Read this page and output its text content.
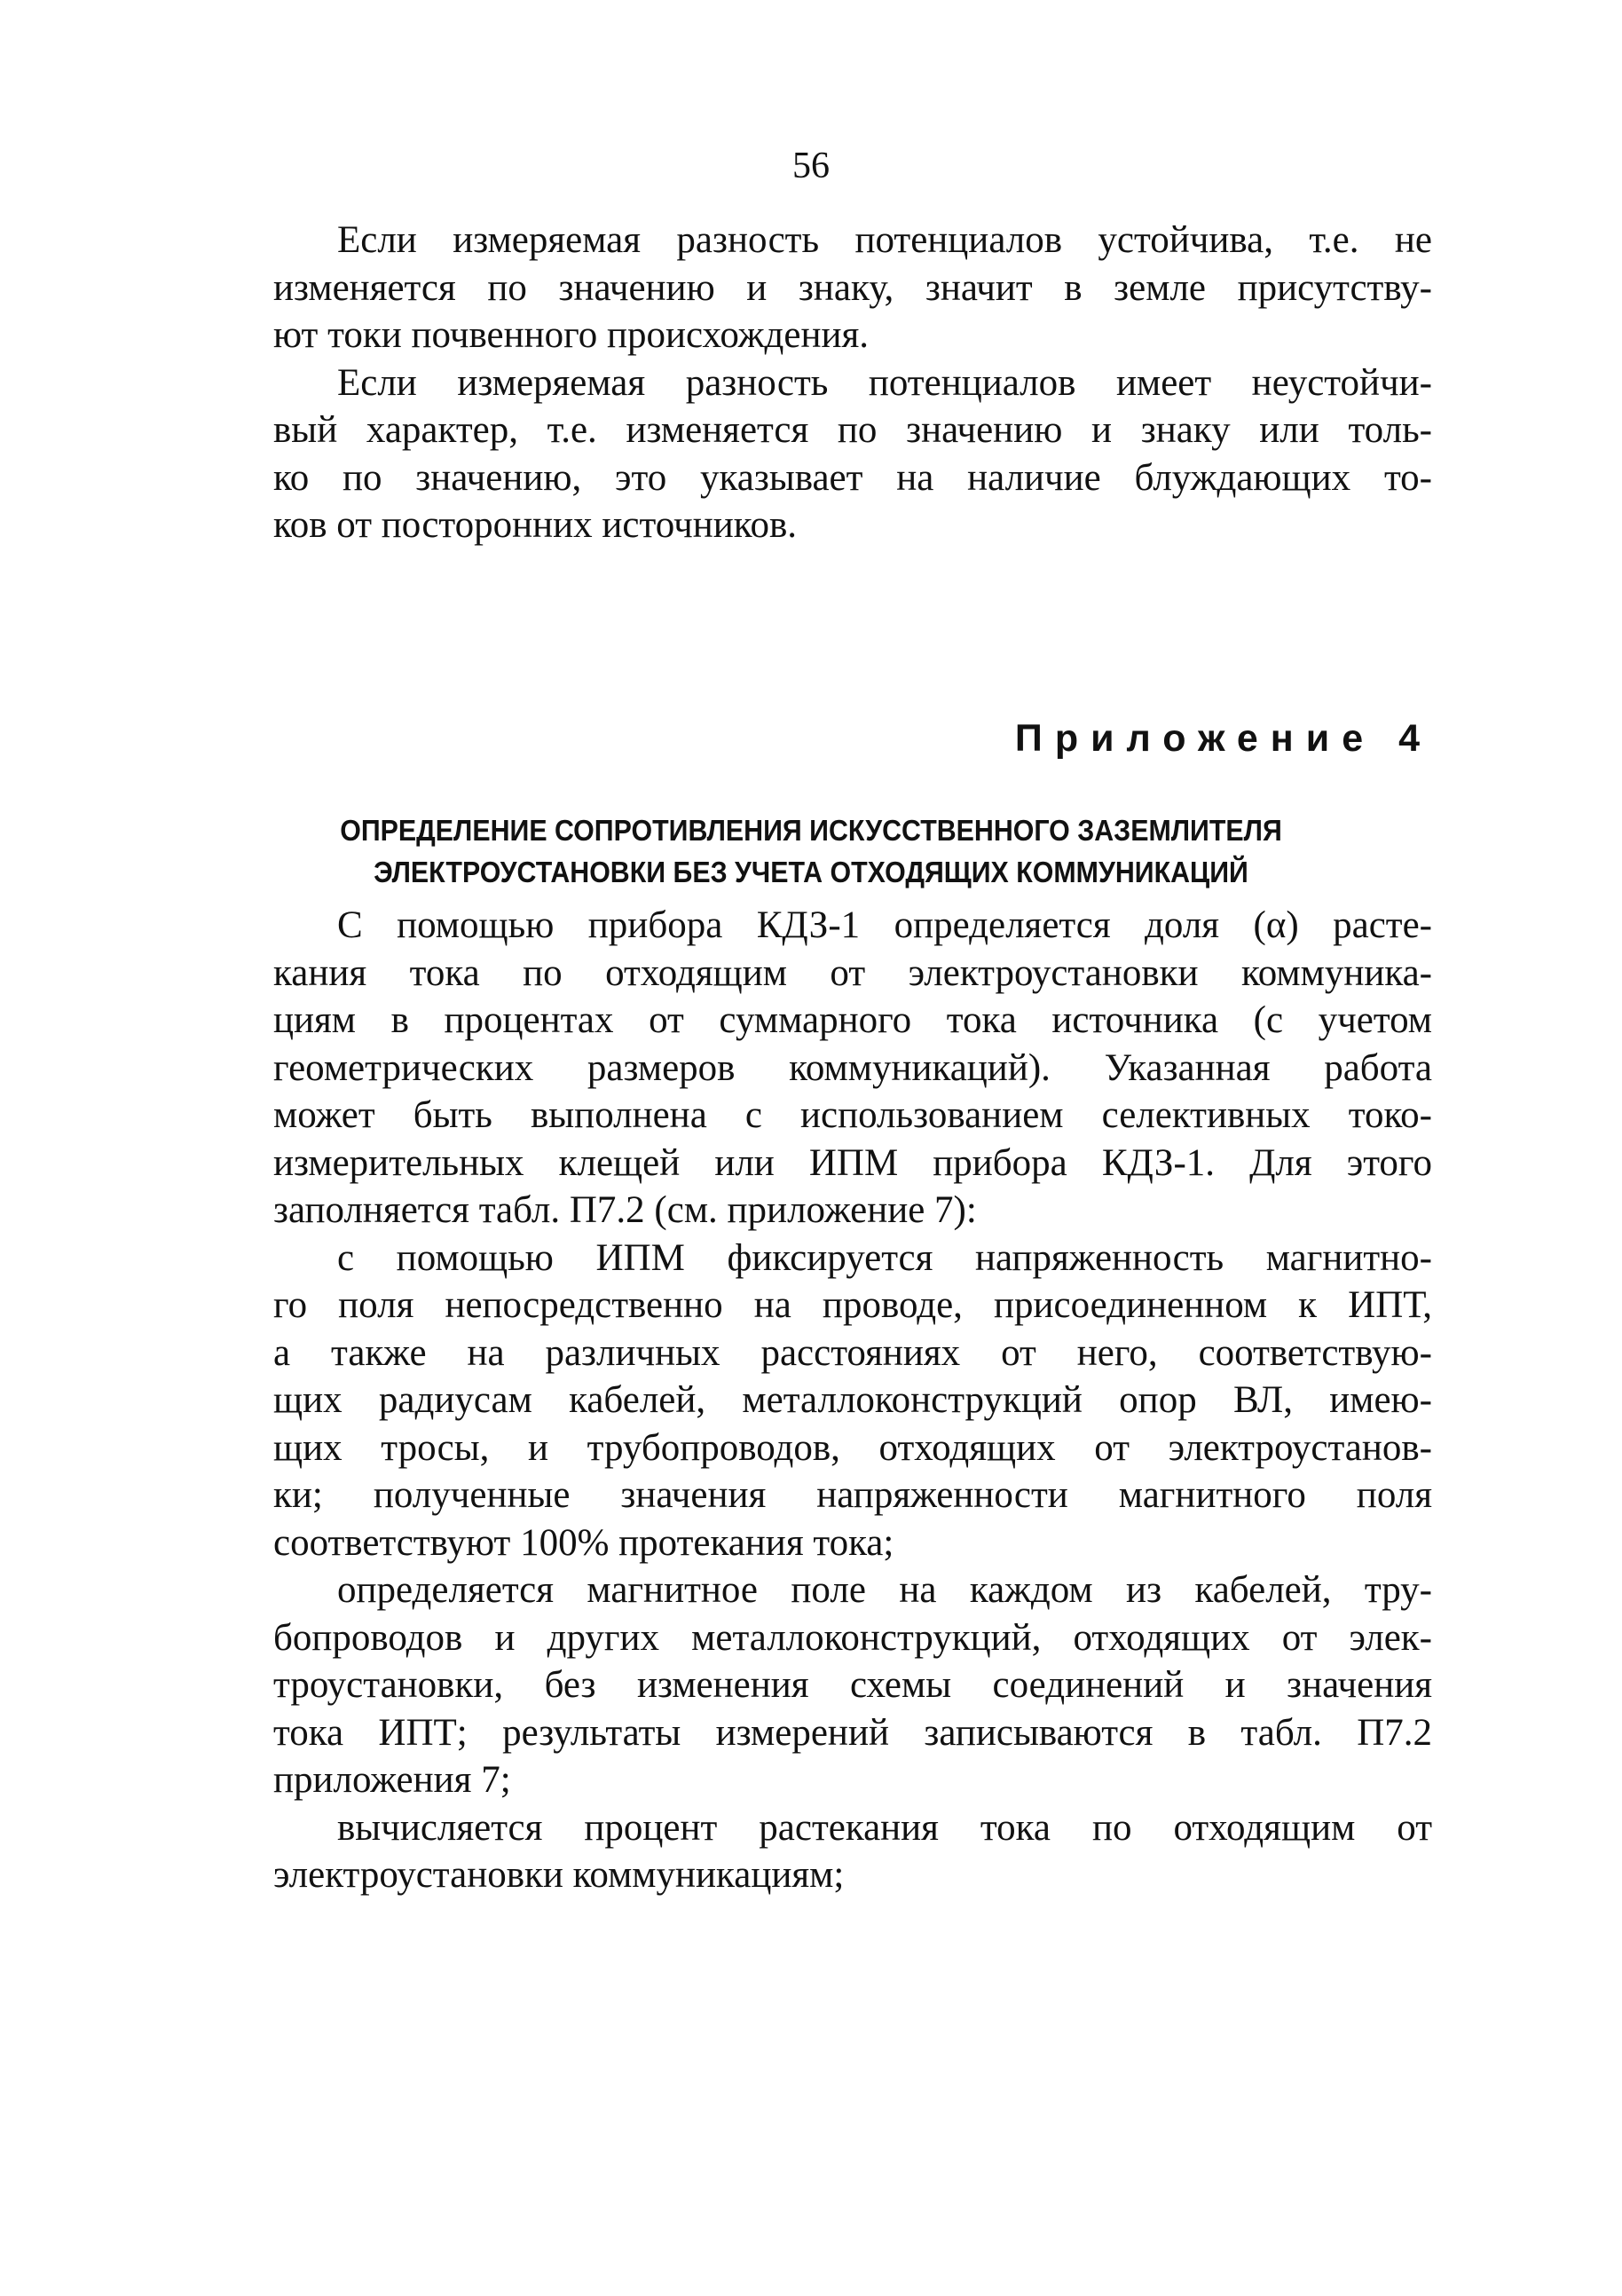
56
Если измеряемая разность потенциалов устойчива, т.е. не
изменяется по значению и знаку, значит в земле присутству-
ют токи почвенного происхождения.
Если измеряемая разность потенциалов имеет неустойчи-
вый характер, т.е. изменяется по значению и знаку или толь-
ко по значению, это указывает на наличие блуждающих то-
ков от посторонних источников.
Приложение 4
ОПРЕДЕЛЕНИЕ СОПРОТИВЛЕНИЯ ИСКУССТВЕННОГО ЗАЗЕМЛИТЕЛЯ
ЭЛЕКТРОУСТАНОВКИ БЕЗ УЧЕТА ОТХОДЯЩИХ КОММУНИКАЦИЙ
С помощью прибора КДЗ-1 определяется доля (α) расте-
кания тока по отходящим от электроустановки коммуника-
циям в процентах от суммарного тока источника (с учетом
геометрических размеров коммуникаций). Указанная работа
может быть выполнена с использованием селективных токо-
измерительных клещей или ИПМ прибора КДЗ-1. Для этого
заполняется табл. П7.2 (см. приложение 7):
с помощью ИПМ фиксируется напряженность магнитно-
го поля непосредственно на проводе, присоединенном к ИПТ,
а также на различных расстояниях от него, соответствую-
щих радиусам кабелей, металлоконструкций опор ВЛ, имею-
щих тросы, и трубопроводов, отходящих от электроустанов-
ки; полученные значения напряженности магнитного поля
соответствуют 100% протекания тока;
определяется магнитное поле на каждом из кабелей, тру-
бопроводов и других металлоконструкций, отходящих от элек-
троустановки, без изменения схемы соединений и значения
тока ИПТ; результаты измерений записываются в табл. П7.2
приложения 7;
вычисляется процент растекания тока по отходящим от
электроустановки коммуникациям;
